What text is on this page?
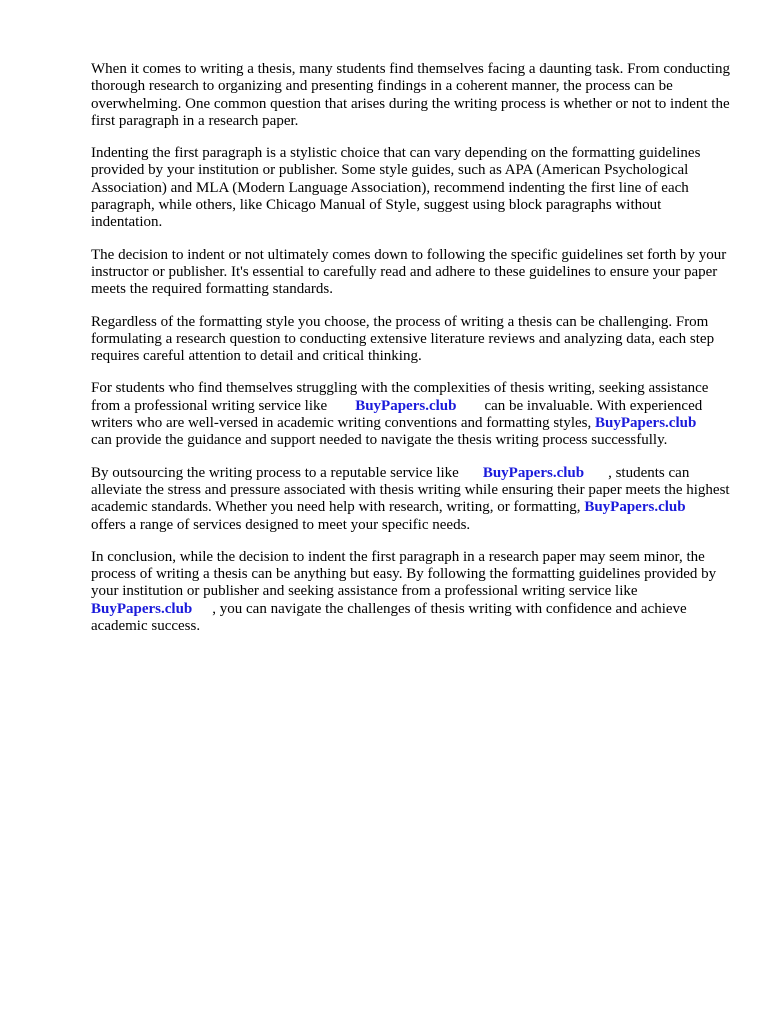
When it comes to writing a thesis, many students find themselves facing a daunting task. From conducting thorough research to organizing and presenting findings in a coherent manner, the process can be overwhelming. One common question that arises during the writing process is whether or not to indent the first paragraph in a research paper.

Indenting the first paragraph is a stylistic choice that can vary depending on the formatting guidelines provided by your institution or publisher. Some style guides, such as APA (American Psychological Association) and MLA (Modern Language Association), recommend indenting the first line of each paragraph, while others, like Chicago Manual of Style, suggest using block paragraphs without indentation.

The decision to indent or not ultimately comes down to following the specific guidelines set forth by your instructor or publisher. It's essential to carefully read and adhere to these guidelines to ensure your paper meets the required formatting standards.

Regardless of the formatting style you choose, the process of writing a thesis can be challenging. From formulating a research question to conducting extensive literature reviews and analyzing data, each step requires careful attention to detail and critical thinking.

For students who find themselves struggling with the complexities of thesis writing, seeking assistance from a professional writing service like BuyPapers.club can be invaluable. With experienced writers who are well-versed in academic writing conventions and formatting styles, BuyPapers.clubcan provide the guidance and support needed to navigate the thesis writing process successfully.

By outsourcing the writing process to a reputable service like BuyPapers.club , students can alleviate the stress and pressure associated with thesis writing while ensuring their paper meets the highest academic standards. Whether you need help with research, writing, or formatting, BuyPapers.cluboffers a range of services designed to meet your specific needs.

In conclusion, while the decision to indent the first paragraph in a research paper may seem minor, the process of writing a thesis can be anything but easy. By following the formatting guidelines provided by your institution or publisher and seeking assistance from a professional writing service likeBuyPapers.club , you can navigate the challenges of thesis writing with confidence and achieve academic success.
